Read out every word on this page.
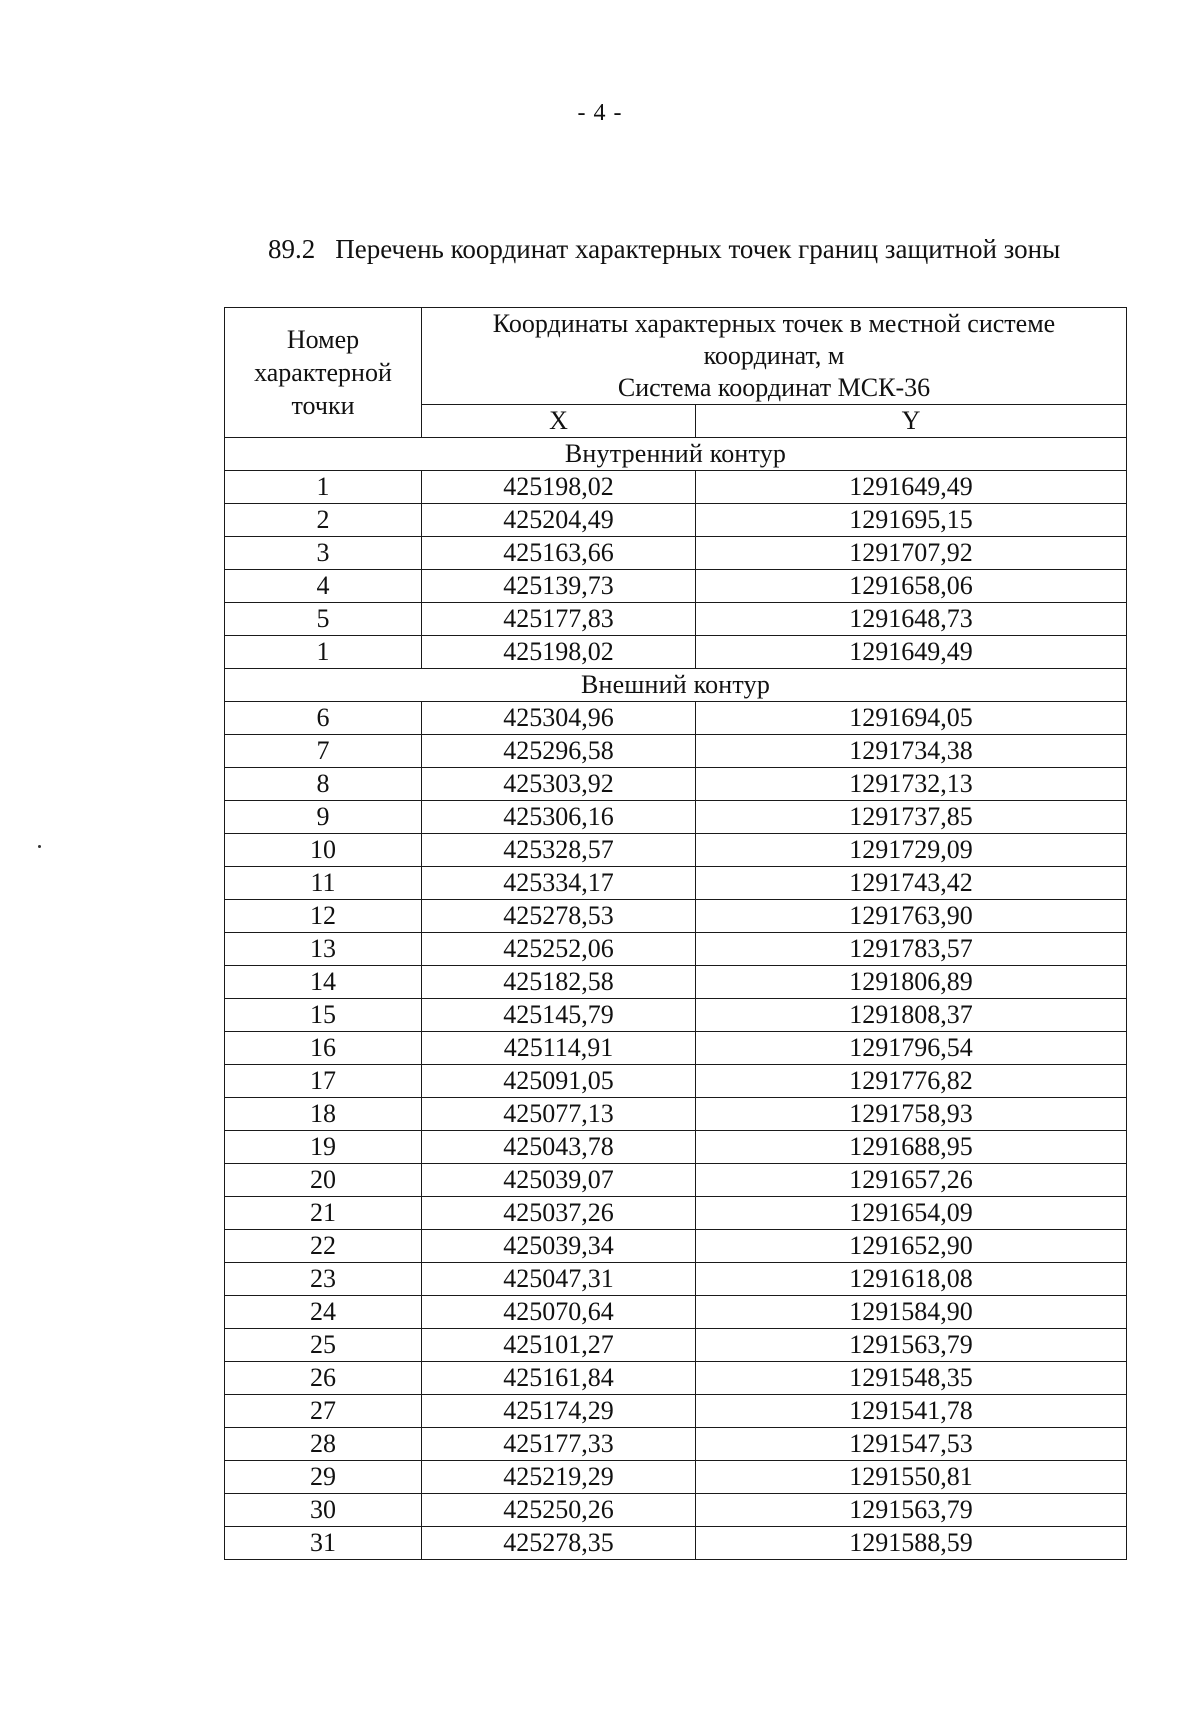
- 4 -
89.2 Перечень координат характерных точек границ защитной зоны
Номер характерной точки	Координаты характерных точек в местной системе координат, м
Система координат МСК-36	
	X	Y
Внутренний контур		
1	425198,02	1291649,49
2	425204,49	1291695,15
3	425163,66	1291707,92
4	425139,73	1291658,06
5	425177,83	1291648,73
1	425198,02	1291649,49
Внешний контур		
6	425304,96	1291694,05
7	425296,58	1291734,38
8	425303,92	1291732,13
9	425306,16	1291737,85
10	425328,57	1291729,09
11	425334,17	1291743,42
12	425278,53	1291763,90
13	425252,06	1291783,57
14	425182,58	1291806,89
15	425145,79	1291808,37
16	425114,91	1291796,54
17	425091,05	1291776,82
18	425077,13	1291758,93
19	425043,78	1291688,95
20	425039,07	1291657,26
21	425037,26	1291654,09
22	425039,34	1291652,90
23	425047,31	1291618,08
24	425070,64	1291584,90
25	425101,27	1291563,79
26	425161,84	1291548,35
27	425174,29	1291541,78
28	425177,33	1291547,53
29	425219,29	1291550,81
30	425250,26	1291563,79
31	425278,35	1291588,59
